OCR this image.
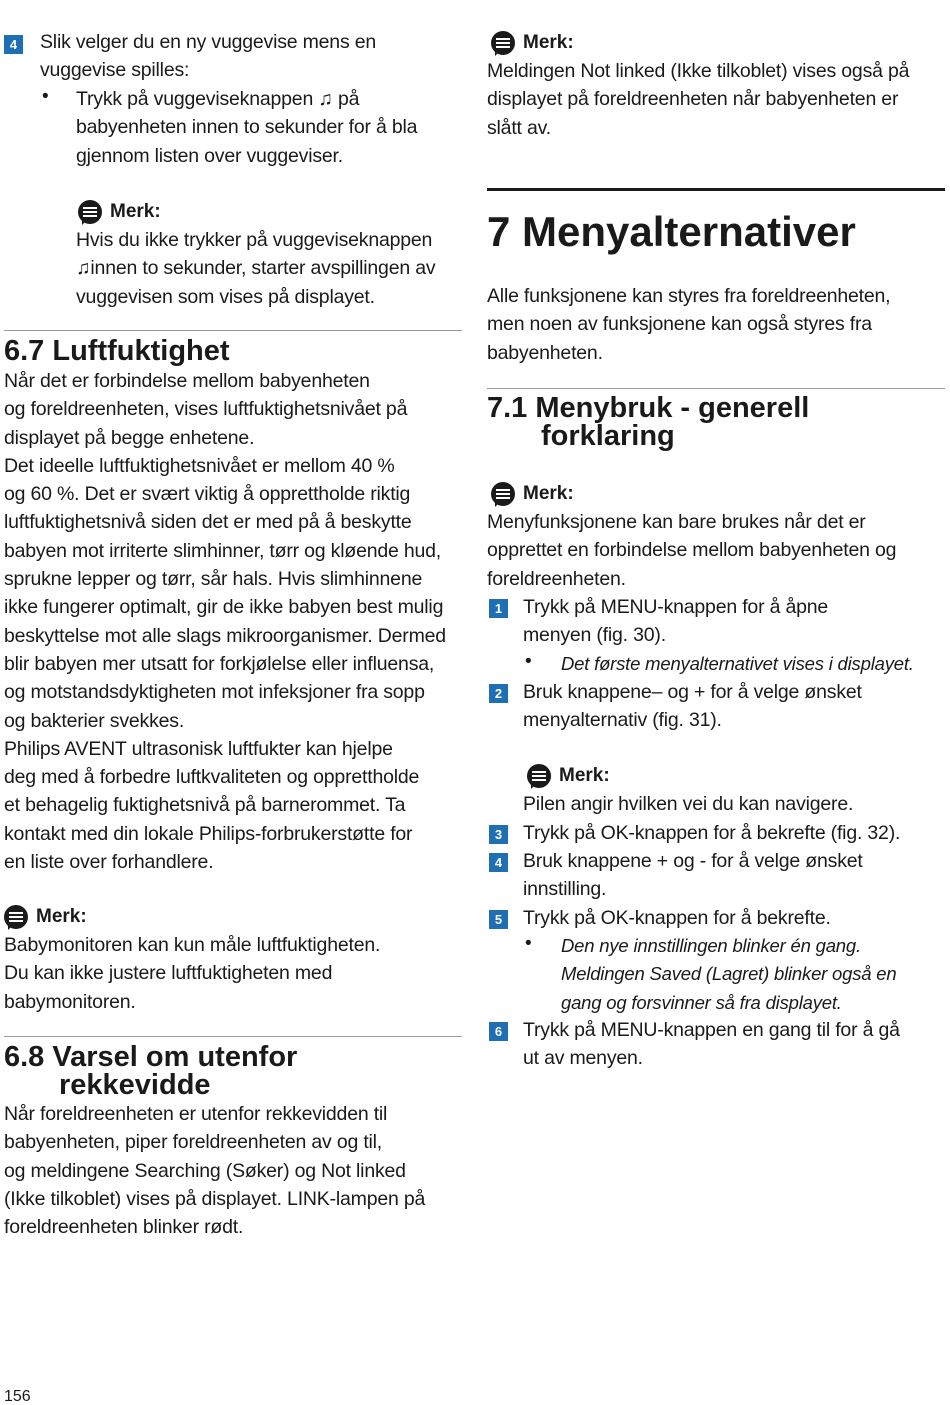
4	Slik velger du en ny vuggevise mens en
vuggevise spilles:
• Trykk på vuggeviseknappen ♫ på
babyenheten innen to sekunder for å bla
gjennom listen over vuggeviser.
Merk:
Hvis du ikke trykker på vuggeviseknappen
♫innen to sekunder, starter avspillingen av
vuggevisen som vises på displayet.
6.7 Luftfuktighet
Når det er forbindelse mellom babyenheten
og foreldreenheten, vises luftfuktighetsnivået på
displayet på begge enhetene.
Det ideelle luftfuktighetsnivået er mellom 40 %
og 60 %. Det er svært viktig å opprettholde riktig
luftfuktighetsnivå siden det er med på å beskytte
babyen mot irriterte slimhinner, tørr og kløende hud,
sprukne lepper og tørr, sår hals. Hvis slimhinnene
ikke fungerer optimalt, gir de ikke babyen best mulig
beskyttelse mot alle slags mikroorganismer. Dermed
blir babyen mer utsatt for forkjølelse eller influensa,
og motstandsdyktigheten mot infeksjoner fra sopp
og bakterier svekkes.
Philips AVENT ultrasonisk luftfukter kan hjelpe
deg med å forbedre luftkvaliteten og opprettholde
et behagelig fuktighetsnivå på barnerommet. Ta
kontakt med din lokale Philips-forbrukerstøtte for
en liste over forhandlere.
Merk:
Babymonitoren kan kun måle luftfuktigheten.
Du kan ikke justere luftfuktigheten med
babymonitoren.
6.8 Varsel om utenfor
rekkevidde
Når foreldreenheten er utenfor rekkevidden til
babyenheten, piper foreldreenheten av og til,
og meldingene Searching (Søker) og Not linked
(Ikke tilkoblet) vises på displayet. LINK-lampen på
foreldreenheten blinker rødt.
Merk:
Meldingen Not linked (Ikke tilkoblet) vises også på
displayet på foreldreenheten når babyenheten er
slått av.
7 Menyalternativer
Alle funksjonene kan styres fra foreldreenheten,
men noen av funksjonene kan også styres fra
babyenheten.
7.1 Menybruk - generell
forklaring
Merk:
Menyfunksjonene kan bare brukes når det er
opprettet en forbindelse mellom babyenheten og
foreldreenheten.
1	Trykk på MENU-knappen for å åpne
menyen (fig. 30).
• Det første menyalternativet vises i displayet.
2	Bruk knappene– og + for å velge ønsket
menyalternativ (fig. 31).
Merk:
Pilen angir hvilken vei du kan navigere.
3	Trykk på OK-knappen for å bekrefte (fig. 32).
4	Bruk knappene + og - for å velge ønsket
innstilling.
5	Trykk på OK-knappen for å bekrefte.
• Den nye innstillingen blinker én gang.
Meldingen Saved (Lagret) blinker også en
gang og forsvinner så fra displayet.
6	Trykk på MENU-knappen en gang til for å gå
ut av menyen.
156
